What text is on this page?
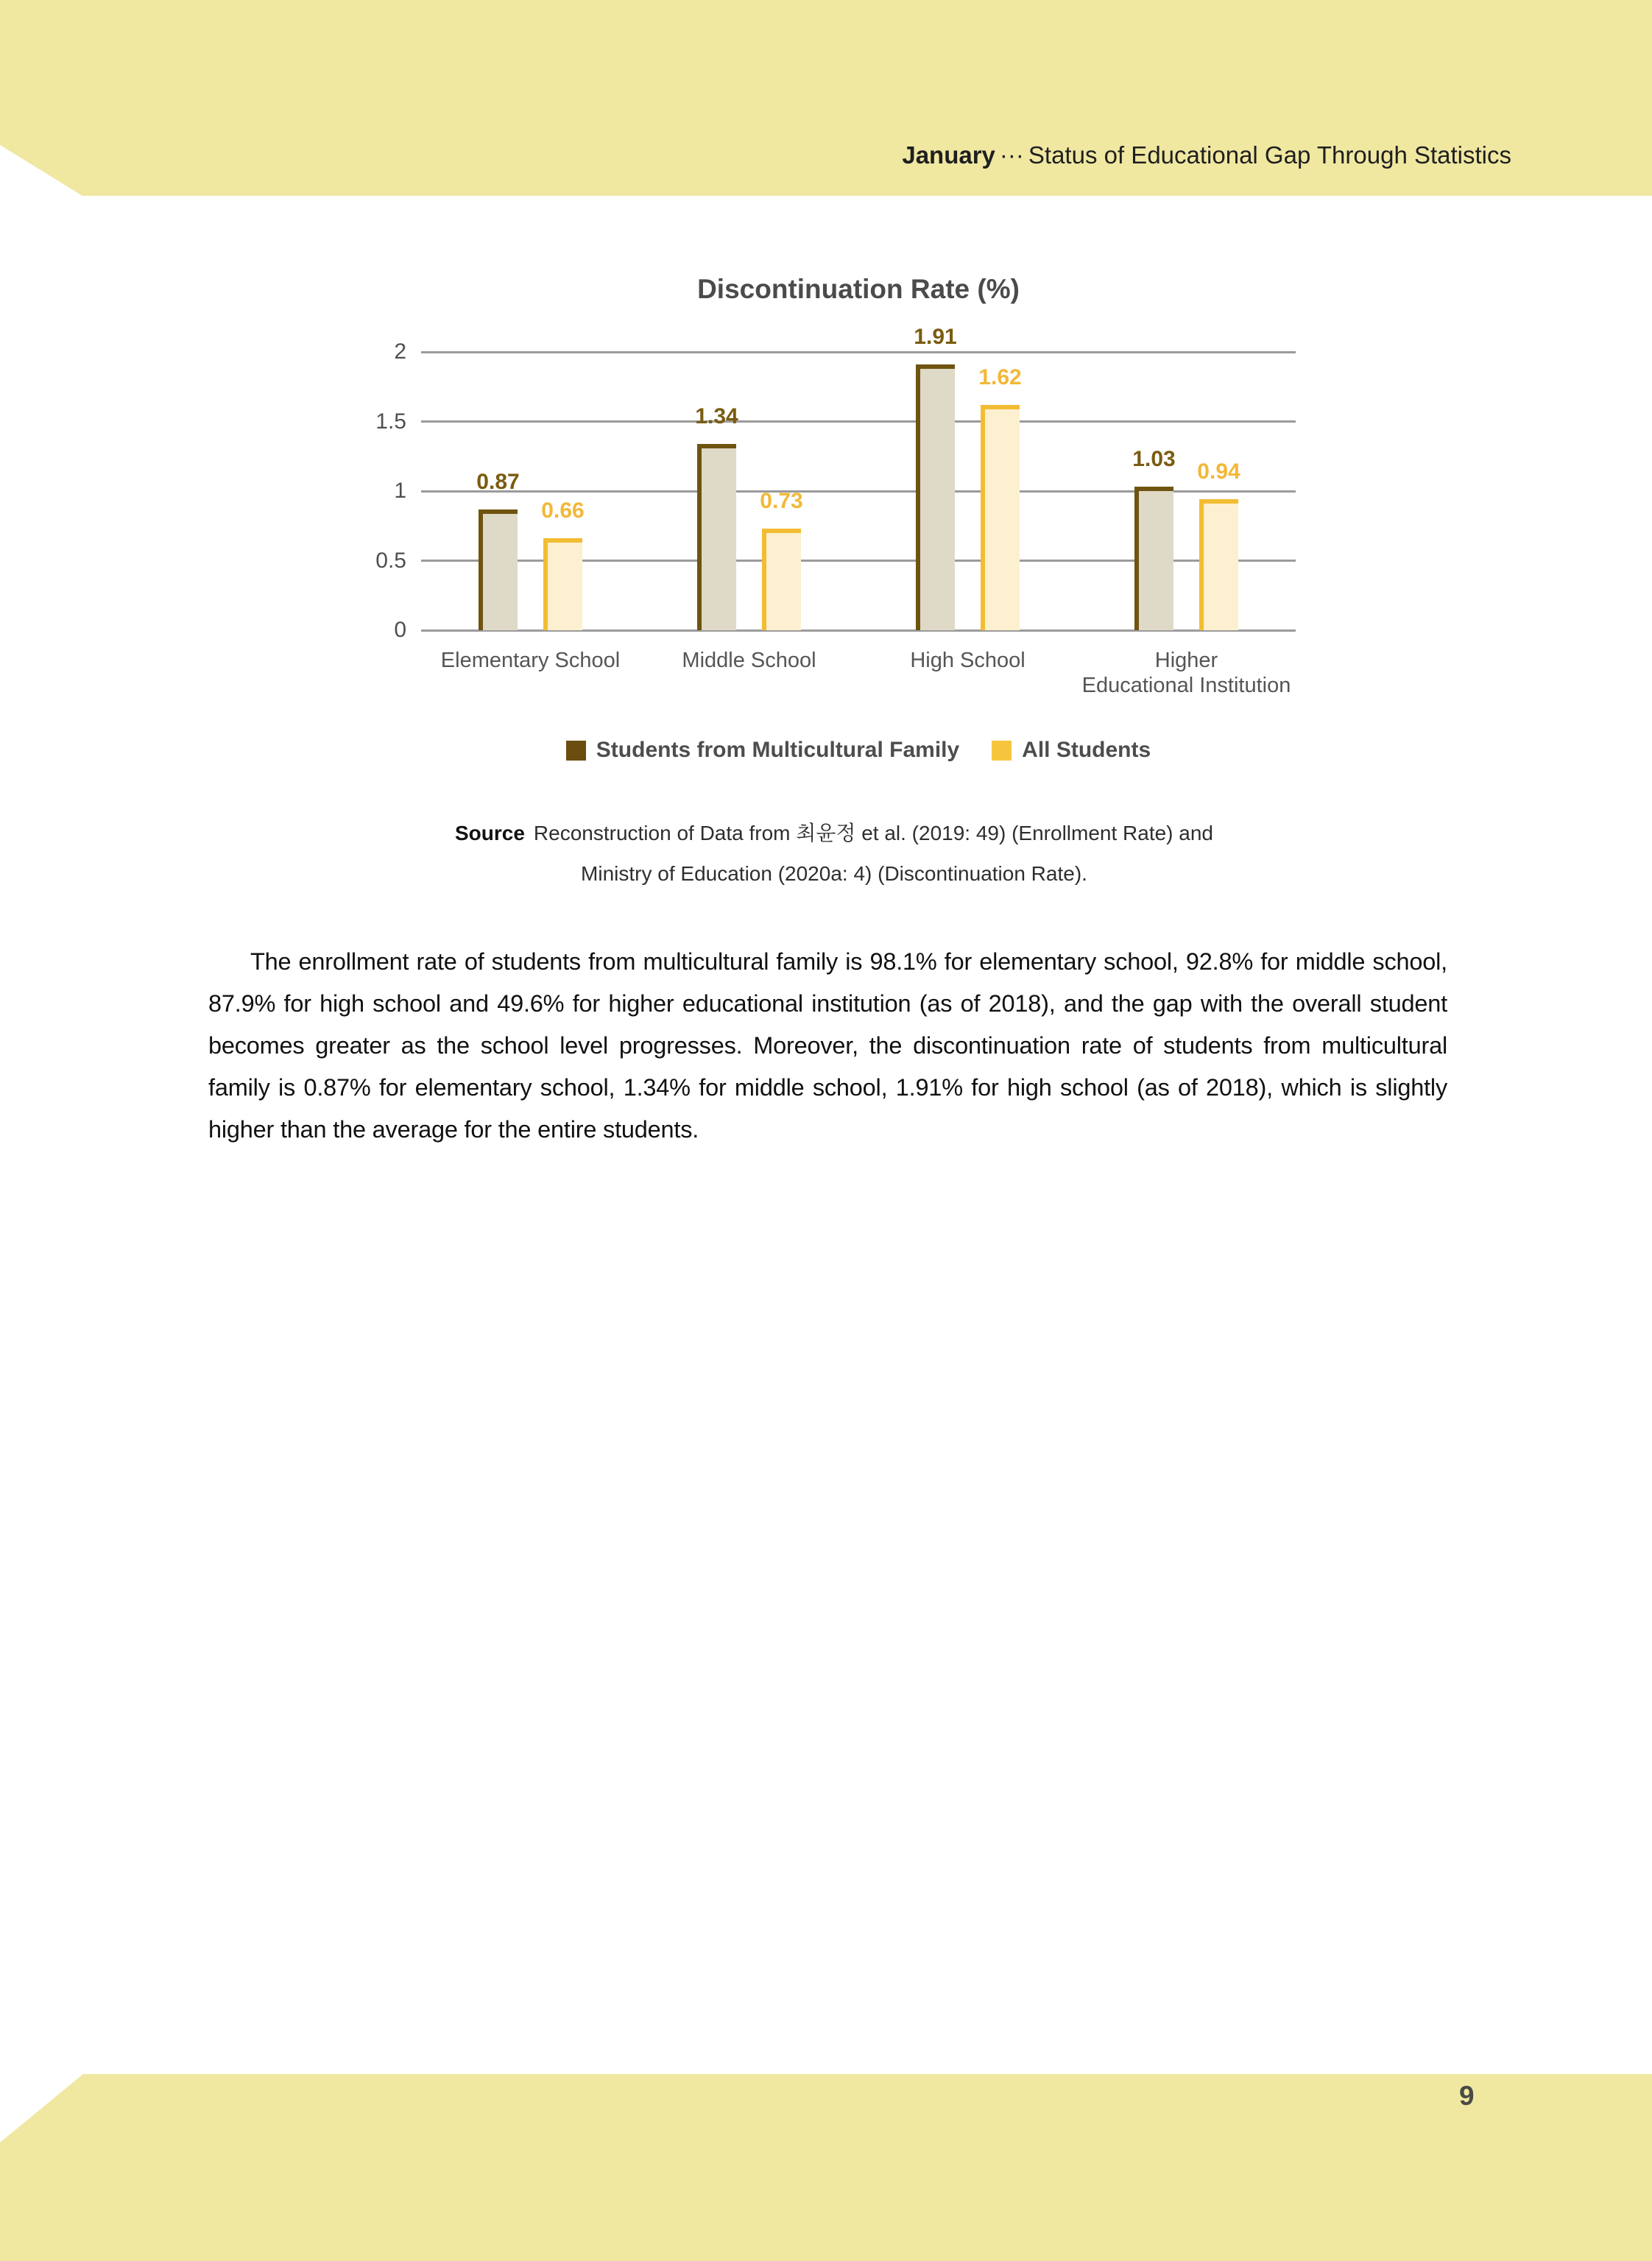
January ··· Status of Educational Gap Through Statistics
Discontinuation Rate (%)
0
0.5
1
1.5
2
0.87
1.34
1.91
1.03
0.66	0.73
1.62
0.94
Elementary School	Middle School	High School	Higher
Educational Institution
Students from Multicultural Family	All Students
Source Reconstruction of Data from 최윤정 et al. (2019: 49) (Enrollment Rate) and
Ministry of Education (2020a: 4) (Discontinuation Rate).
The enrollment rate of students from multicultural family is 98.1% for elementary school, 92.8% for middle school, 87.9% for high school and 49.6% for higher educational institution (as of 2018), and the gap with the overall student becomes greater as the school level progresses. Moreover, the discontinuation rate of students from multicultural family is 0.87% for elementary school, 1.34% for middle school, 1.91% for high school (as of 2018), which is slightly higher than the average for the entire students.
9
